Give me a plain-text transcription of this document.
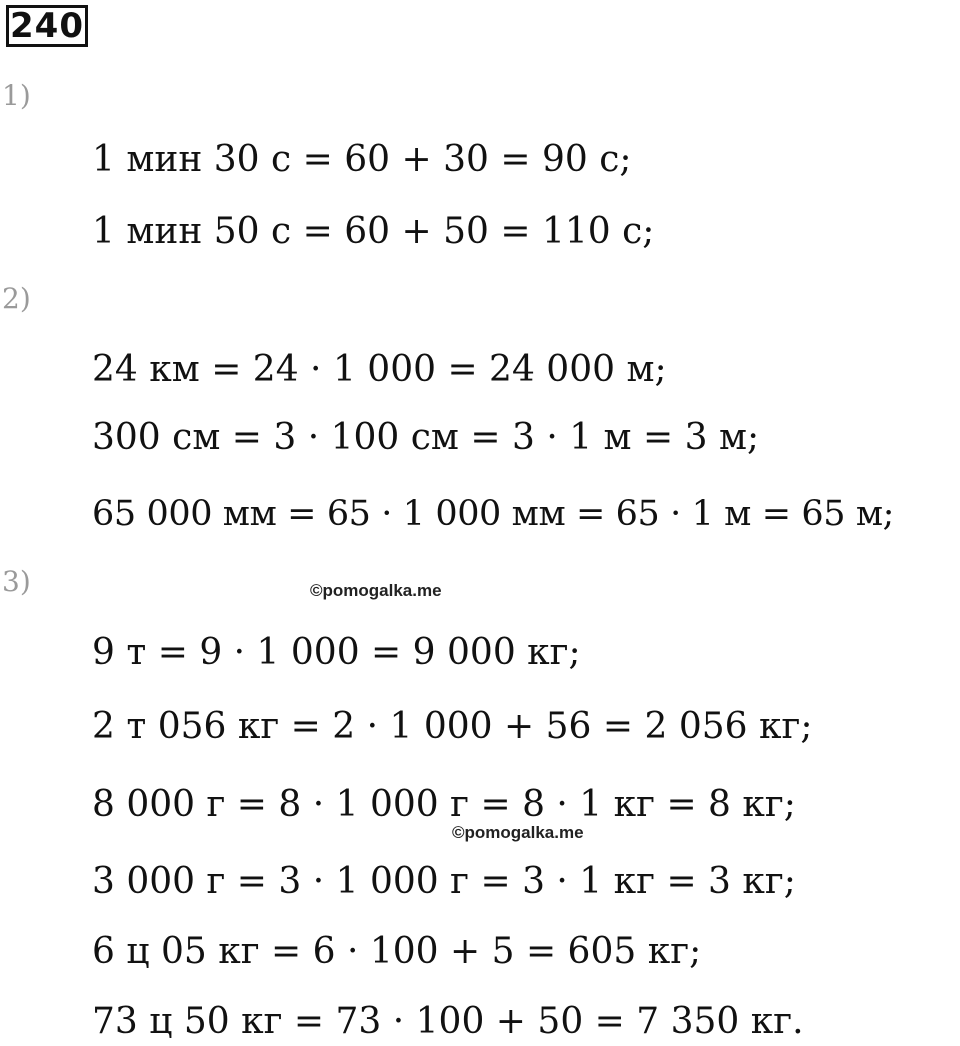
240
1)
1 мин 30 с = 60 + 30 = 90 с;
1 мин 50 с = 60 + 50 = 110 с;
2)
24 км = 24 · 1 000 = 24 000 м;
300 см = 3 · 100 см = 3 · 1 м = 3 м;
65 000 мм = 65 · 1 000 мм = 65 · 1 м = 65 м;
3)	©pomogalka.me
9 т = 9 · 1 000 = 9 000 кг;
2 т 056 кг = 2 · 1 000 + 56 = 2 056 кг;
8 000 г = 8 · 1 000 г = 8 · 1 кг = 8 кг;
©pomogalka.me
3 000 г = 3 · 1 000 г = 3 · 1 кг = 3 кг;
6 ц 05 кг = 6 · 100 + 5 = 605 кг;
73 ц 50 кг = 73 · 100 + 50 = 7 350 кг.
